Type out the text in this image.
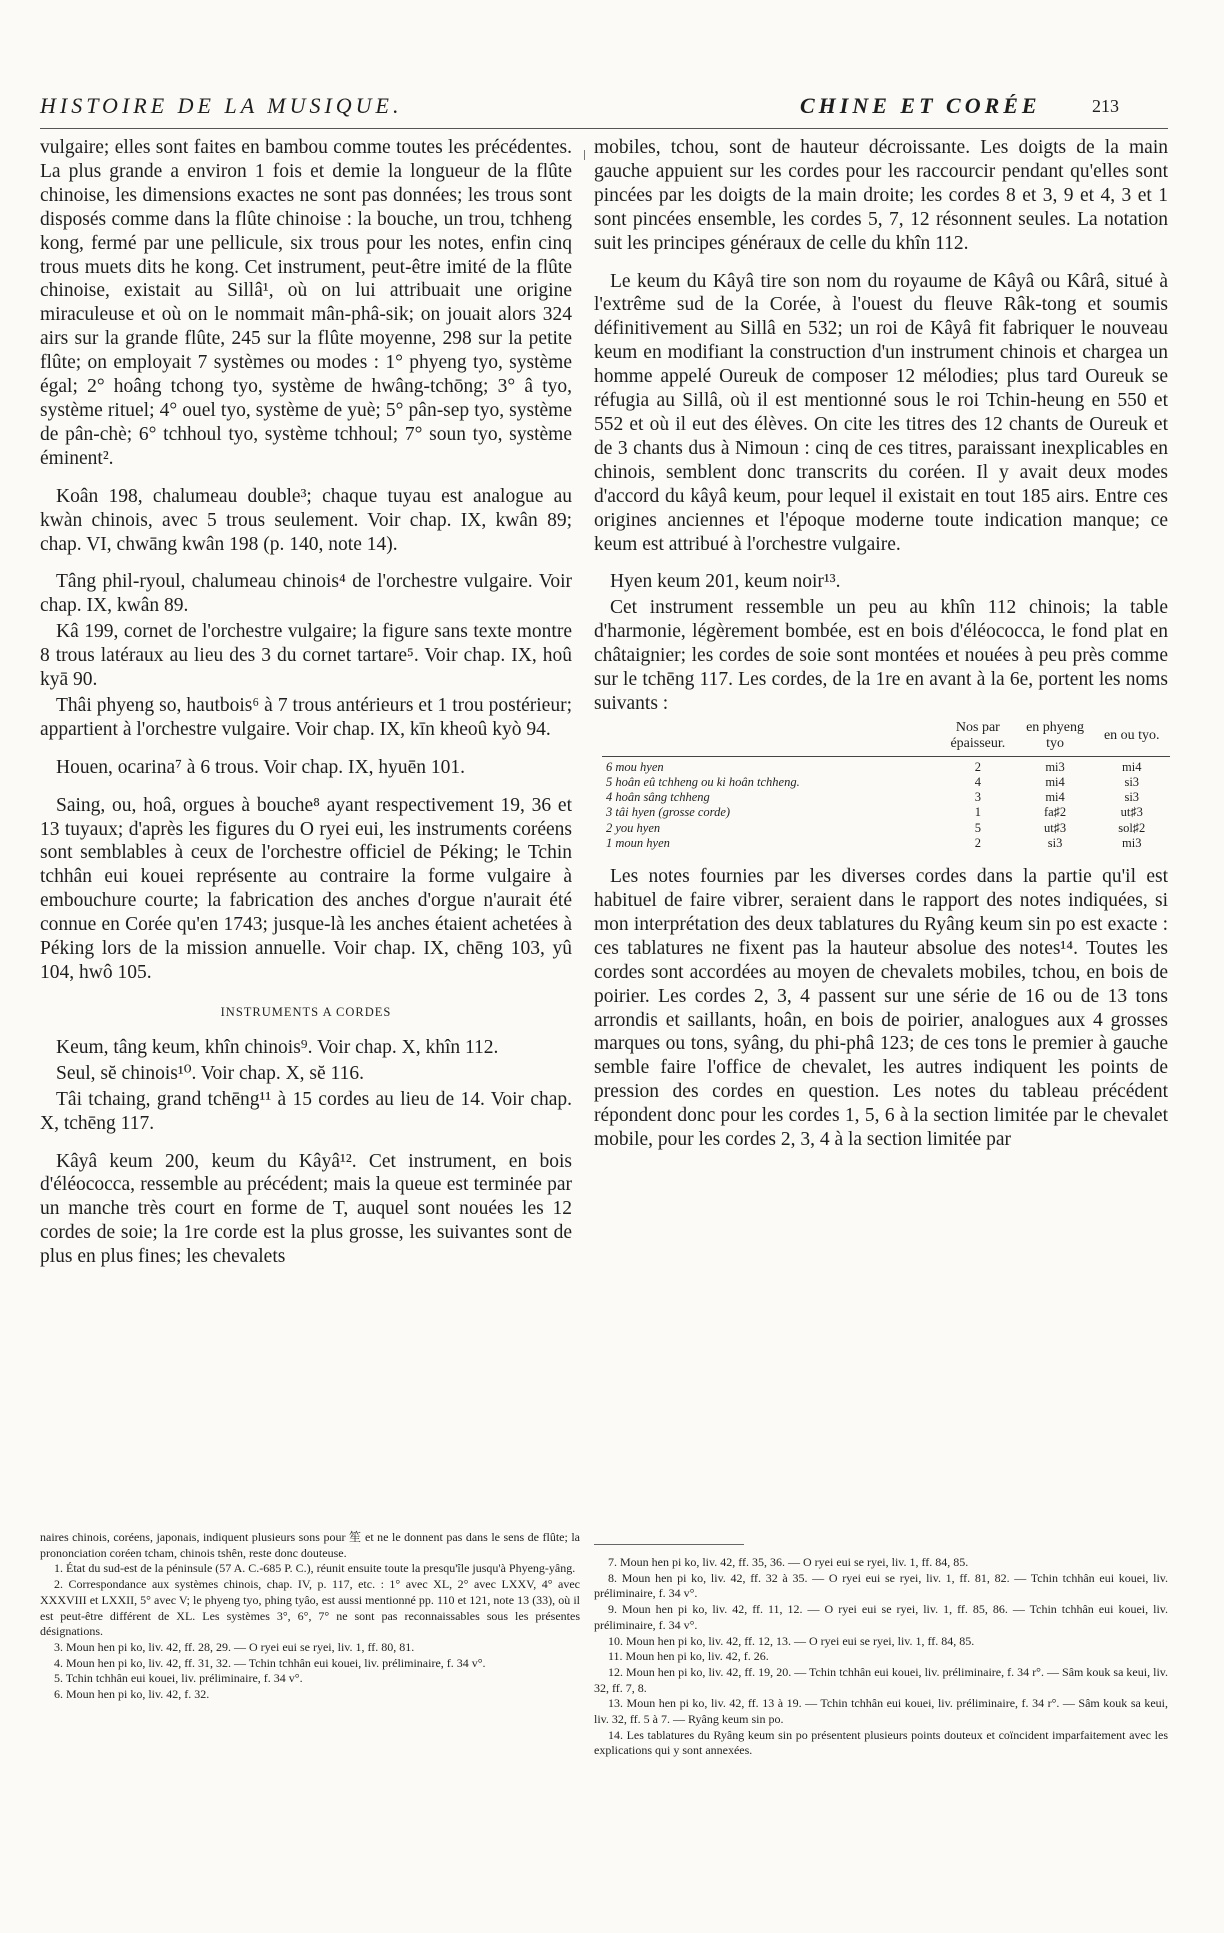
HISTOIRE DE LA MUSIQUE.	CHINE ET CORÉE	213

vulgaire; elles sont faites en bambou comme toutes les précédentes. La plus grande a environ 1 fois et demie la longueur de la flûte chinoise, les dimensions exactes ne sont pas données; les trous sont disposés comme dans la flûte chinoise : la bouche, un trou, tchheng kong, fermé par une pellicule, six trous pour les notes, enfin cinq trous muets dits he kong. Cet instrument, peut-être imité de la flûte chinoise, existait au Sillâ¹, où on lui attribuait une origine miraculeuse et où on le nommait mân-phâ-sik; on jouait alors 324 airs sur la grande flûte, 245 sur la flûte moyenne, 298 sur la petite flûte; on employait 7 systèmes ou modes : 1° phyeng tyo, système égal; 2° hoâng tchong tyo, système de hwâng-tchōng; 3° â tyo, système rituel; 4° ouel tyo, système de yuè; 5° pân-sep tyo, système de pân-chè; 6° tchhoul tyo, système tchhoul; 7° soun tyo, système éminent².

Koân 198, chalumeau double³; chaque tuyau est analogue au kwàn chinois, avec 5 trous seulement. Voir chap. IX, kwân 89; chap. VI, chwāng kwân 198 (p. 140, note 14).

Tâng phil-ryoul, chalumeau chinois⁴ de l'orchestre vulgaire. Voir chap. IX, kwân 89.

Kâ 199, cornet de l'orchestre vulgaire; la figure sans texte montre 8 trous latéraux au lieu des 3 du cornet tartare⁵. Voir chap. IX, hoû kyā 90.

Thâi phyeng so, hautbois⁶ à 7 trous antérieurs et 1 trou postérieur; appartient à l'orchestre vulgaire. Voir chap. IX, kīn kheoû kyò 94.

Houen, ocarina⁷ à 6 trous. Voir chap. IX, hyuēn 101.

Saing, ou, hoâ, orgues à bouche⁸ ayant respectivement 19, 36 et 13 tuyaux; d'après les figures du O ryei eui, les instruments coréens sont semblables à ceux de l'orchestre officiel de Péking; le Tchin tchhân eui kouei représente au contraire la forme vulgaire à embouchure courte; la fabrication des anches d'orgue n'aurait été connue en Corée qu'en 1743; jusque-là les anches étaient achetées à Péking lors de la mission annuelle. Voir chap. IX, chēng 103, yû 104, hwô 105.

INSTRUMENTS A CORDES

Keum, tâng keum, khîn chinois⁹. Voir chap. X, khîn 112.

Seul, sĕ chinois¹⁰. Voir chap. X, sĕ 116.

Tâi tchaing, grand tchēng¹¹ à 15 cordes au lieu de 14. Voir chap. X, tchēng 117.

Kâyâ keum 200, keum du Kâyâ¹². Cet instrument, en bois d'éléococca, ressemble au précédent; mais la queue est terminée par un manche très court en forme de T, auquel sont nouées les 12 cordes de soie; la 1re corde est la plus grosse, les suivantes sont de plus en plus fines; les chevalets

naires chinois, coréens, japonais, indiquent plusieurs sons pour 笙 et ne le donnent pas dans le sens de flûte; la prononciation coréen tcham, chinois tshên, reste donc douteuse.

1. État du sud-est de la péninsule (57 A. C.-685 P. C.), réunit ensuite toute la presqu'île jusqu'à Phyeng-yâng.

2. Correspondance aux systèmes chinois, chap. IV, p. 117, etc. : 1° avec XL, 2° avec LXXV, 4° avec XXXVIII et LXXII, 5° avec V; le phyeng tyo, phing tyâo, est aussi mentionné pp. 110 et 121, note 13 (33), où il est peut-être différent de XL. Les systèmes 3°, 6°, 7° ne sont pas reconnaissables sous les présentes désignations.

3. Moun hen pi ko, liv. 42, ff. 28, 29. — O ryei eui se ryei, liv. 1, ff. 80, 81.

4. Moun hen pi ko, liv. 42, ff. 31, 32. — Tchin tchhân eui kouei, liv. préliminaire, f. 34 v°.

5. Tchin tchhân eui kouei, liv. préliminaire, f. 34 v°.

6. Moun hen pi ko, liv. 42, f. 32.

mobiles, tchou, sont de hauteur décroissante. Les doigts de la main gauche appuient sur les cordes pour les raccourcir pendant qu'elles sont pincées par les doigts de la main droite; les cordes 8 et 3, 9 et 4, 3 et 1 sont pincées ensemble, les cordes 5, 7, 12 résonnent seules. La notation suit les principes généraux de celle du khîn 112.

Le keum du Kâyâ tire son nom du royaume de Kâyâ ou Kârâ, situé à l'extrême sud de la Corée, à l'ouest du fleuve Râk-tong et soumis définitivement au Sillâ en 532; un roi de Kâyâ fit fabriquer le nouveau keum en modifiant la construction d'un instrument chinois et chargea un homme appelé Oureuk de composer 12 mélodies; plus tard Oureuk se réfugia au Sillâ, où il est mentionné sous le roi Tchin-heung en 550 et 552 et où il eut des élèves. On cite les titres des 12 chants de Oureuk et de 3 chants dus à Nimoun : cinq de ces titres, paraissant inexplicables en chinois, semblent donc transcrits du coréen. Il y avait deux modes d'accord du kâyâ keum, pour lequel il existait en tout 185 airs. Entre ces origines anciennes et l'époque moderne toute indication manque; ce keum est attribué à l'orchestre vulgaire.

Hyen keum 201, keum noir¹³.

Cet instrument ressemble un peu au khîn 112 chinois; la table d'harmonie, légèrement bombée, est en bois d'éléococca, le fond plat en châtaignier; les cordes de soie sont montées et nouées à peu près comme sur le tchēng 117. Les cordes, de la 1re en avant à la 6e, portent les noms suivants :

	Nos par épaisseur.	en phyeng tyo	en ou tyo.
6 mou hyen	2	mi3	mi4
5 hoân eû tchheng ou ki hoân tchheng.	4	mi4	si3
4 hoân sâng tchheng	3	mi4	si3
3 tâi hyen (grosse corde)	1	fa♯2	ut♯3
2 you hyen	5	ut♯3	sol♯2
1 moun hyen	2	si3	mi3

Les notes fournies par les diverses cordes dans la partie qu'il est habituel de faire vibrer, seraient dans le rapport des notes indiquées, si mon interprétation des deux tablatures du Ryâng keum sin po est exacte : ces tablatures ne fixent pas la hauteur absolue des notes¹⁴. Toutes les cordes sont accordées au moyen de chevalets mobiles, tchou, en bois de poirier. Les cordes 2, 3, 4 passent sur une série de 16 ou de 13 tons arrondis et saillants, hoân, en bois de poirier, analogues aux 4 grosses marques ou tons, syâng, du phi-phâ 123; de ces tons le premier à gauche semble faire l'office de chevalet, les autres indiquent les points de pression des cordes en question. Les notes du tableau précédent répondent donc pour les cordes 1, 5, 6 à la section limitée par le chevalet mobile, pour les cordes 2, 3, 4 à la section limitée par

7. Moun hen pi ko, liv. 42, ff. 35, 36. — O ryei eui se ryei, liv. 1, ff. 84, 85.

8. Moun hen pi ko, liv. 42, ff. 32 à 35. — O ryei eui se ryei, liv. 1, ff. 81, 82. — Tchin tchhân eui kouei, liv. préliminaire, f. 34 v°.

9. Moun hen pi ko, liv. 42, ff. 11, 12. — O ryei eui se ryei, liv. 1, ff. 85, 86. — Tchin tchhân eui kouei, liv. préliminaire, f. 34 v°.

10. Moun hen pi ko, liv. 42, ff. 12, 13. — O ryei eui se ryei, liv. 1, ff. 84, 85.

11. Moun hen pi ko, liv. 42, f. 26.

12. Moun hen pi ko, liv. 42, ff. 19, 20. — Tchin tchhân eui kouei, liv. préliminaire, f. 34 r°. — Sâm kouk sa keui, liv. 32, ff. 7, 8.

13. Moun hen pi ko, liv. 42, ff. 13 à 19. — Tchin tchhân eui kouei, liv. préliminaire, f. 34 r°. — Sâm kouk sa keui, liv. 32, ff. 5 à 7. — Ryâng keum sin po.

14. Les tablatures du Ryâng keum sin po présentent plusieurs points douteux et coïncident imparfaitement avec les explications qui y sont annexées.
